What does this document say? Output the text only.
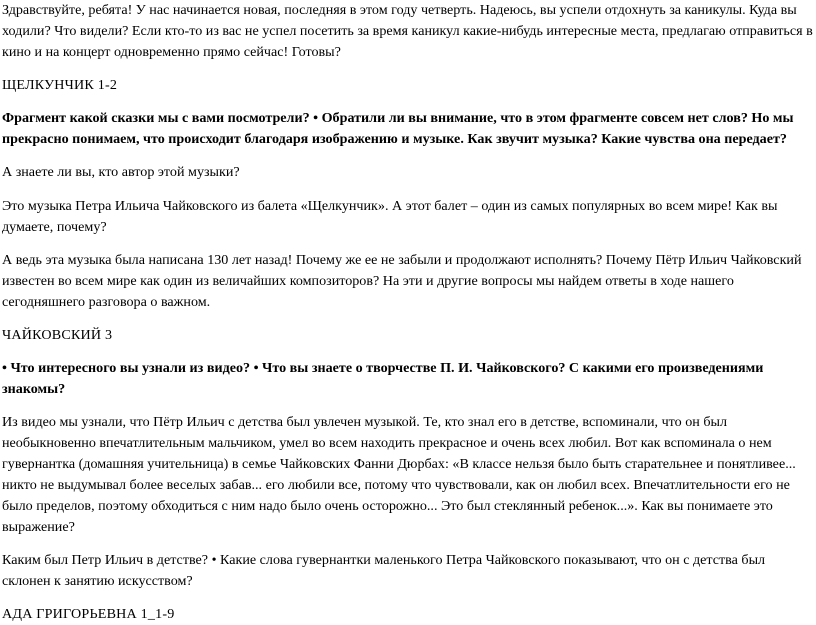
Здравствуйте, ребята! У нас начинается новая, последняя в этом году четверть. Надеюсь, вы успели отдохнуть за каникулы. Куда вы ходили? Что видели? Если кто-то из вас не успел посетить за время каникул какие-нибудь интересные места, предлагаю отправиться в кино и на концерт одновременно прямо сейчас! Готовы?

ЩЕЛКУНЧИК 1-2

Фрагмент какой сказки мы с вами посмотрели? • Обратили ли вы внимание, что в этом фрагменте совсем нет слов? Но мы прекрасно понимаем, что происходит благодаря изображению и музыке. Как звучит музыка? Какие чувства она передает?

А знаете ли вы, кто автор этой музыки?

Это музыка Петра Ильича Чайковского из балета «Щелкунчик». А этот балет – один из самых популярных во всем мире! Как вы думаете, почему?

А ведь эта музыка была написана 130 лет назад! Почему же ее не забыли и продолжают исполнять? Почему Пётр Ильич Чайковский известен во всем мире как один из величайших композиторов? На эти и другие вопросы мы найдем ответы в ходе нашего сегодняшнего разговора о важном.

ЧАЙКОВСКИЙ 3

• Что интересного вы узнали из видео? • Что вы знаете о творчестве П. И. Чайковского? С какими его произведениями знакомы?

Из видео мы узнали, что Пётр Ильич с детства был увлечен музыкой. Те, кто знал его в детстве, вспоминали, что он был необыкновенно впечатлительным мальчиком, умел во всем находить прекрасное и очень всех любил. Вот как вспоминала о нем гувернантка (домашняя учительница) в семье Чайковских Фанни Дюрбах: «В классе нельзя было быть старательнее и понятливее... никто не выдумывал более веселых забав... его любили все, потому что чувствовали, как он любил всех. Впечатлительности его не было пределов, поэтому обходиться с ним надо было очень осторожно... Это был стеклянный ребенок...». Как вы понимаете это выражение?

Каким был Петр Ильич в детстве? • Какие слова гувернантки маленького Петра Чайковского показывают, что он с детства был склонен к занятию искусством?

АДА ГРИГОРЬЕВНА 1_1-9
